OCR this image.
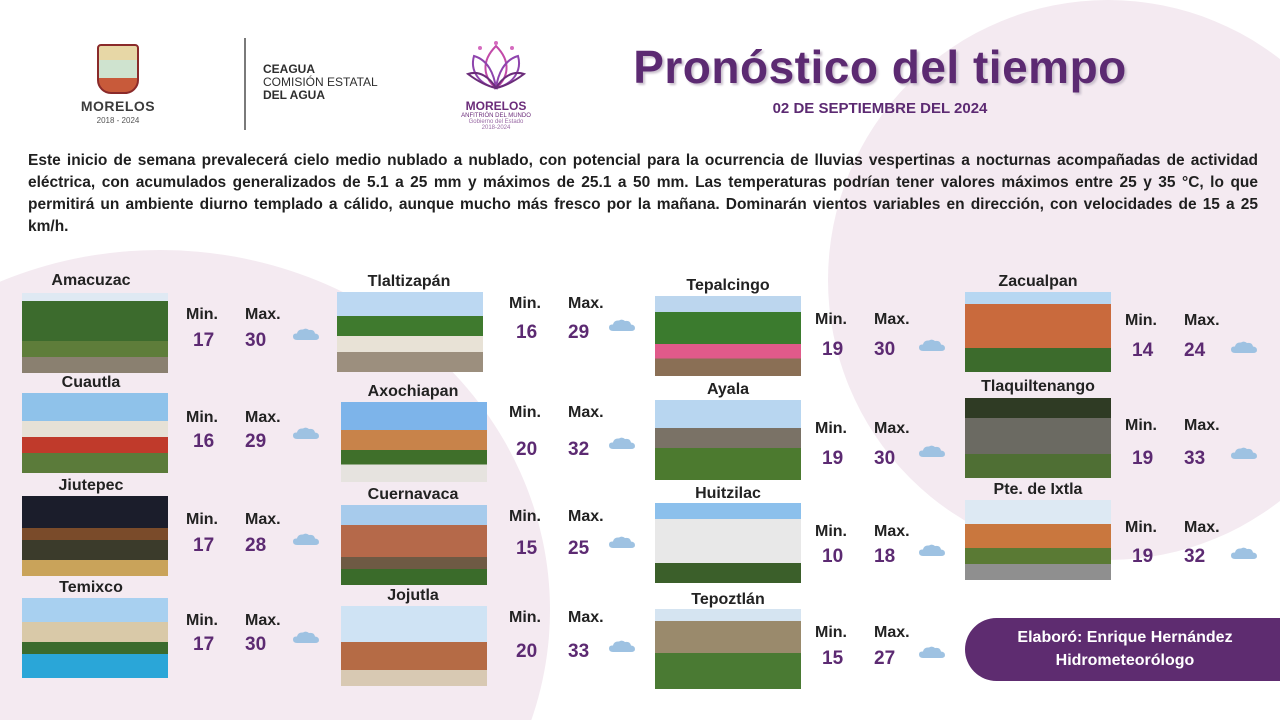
MORELOS
2018 - 2024
CEAGUA
COMISIÓN ESTATAL
DEL AGUA
MORELOS
ANFITRIÓN DEL MUNDO
Gobierno del Estado
2018-2024
Pronóstico del tiempo
02 DE SEPTIEMBRE DEL 2024
Este inicio de semana prevalecerá cielo medio nublado a nublado, con potencial para la ocurrencia de lluvias vespertinas a nocturnas acompañadas de actividad eléctrica, con acumulados generalizados de 5.1 a 25 mm y máximos de 25.1 a 50 mm. Las temperaturas podrían tener valores máximos entre 25 y 35 °C, lo que permitirá un ambiente diurno templado a cálido, aunque mucho más fresco por la mañana. Dominarán vientos variables en dirección, con velocidades de 15 a 25 km/h.
Amacuzac
Min. Max.
17 30
Cuautla
Min. Max.
16 29
Jiutepec
Min. Max.
17 28
Temixco
Min. Max.
17 30
Tlaltizapán
Min. Max.
16 29
Axochiapan
Min. Max.
20 32
Cuernavaca
Min. Max.
15 25
Jojutla
Min. Max.
20 33
Tepalcingo
Min. Max.
19 30
Ayala
Min. Max.
19 30
Huitzilac
Min. Max.
10 18
Tepoztlán
Min. Max.
15 27
Zacualpan
Min. Max.
14 24
Tlaquiltenango
Min. Max.
19 33
Pte. de Ixtla
Min. Max.
19 32
Elaboró: Enrique Hernández
Hidrometeorólogo
